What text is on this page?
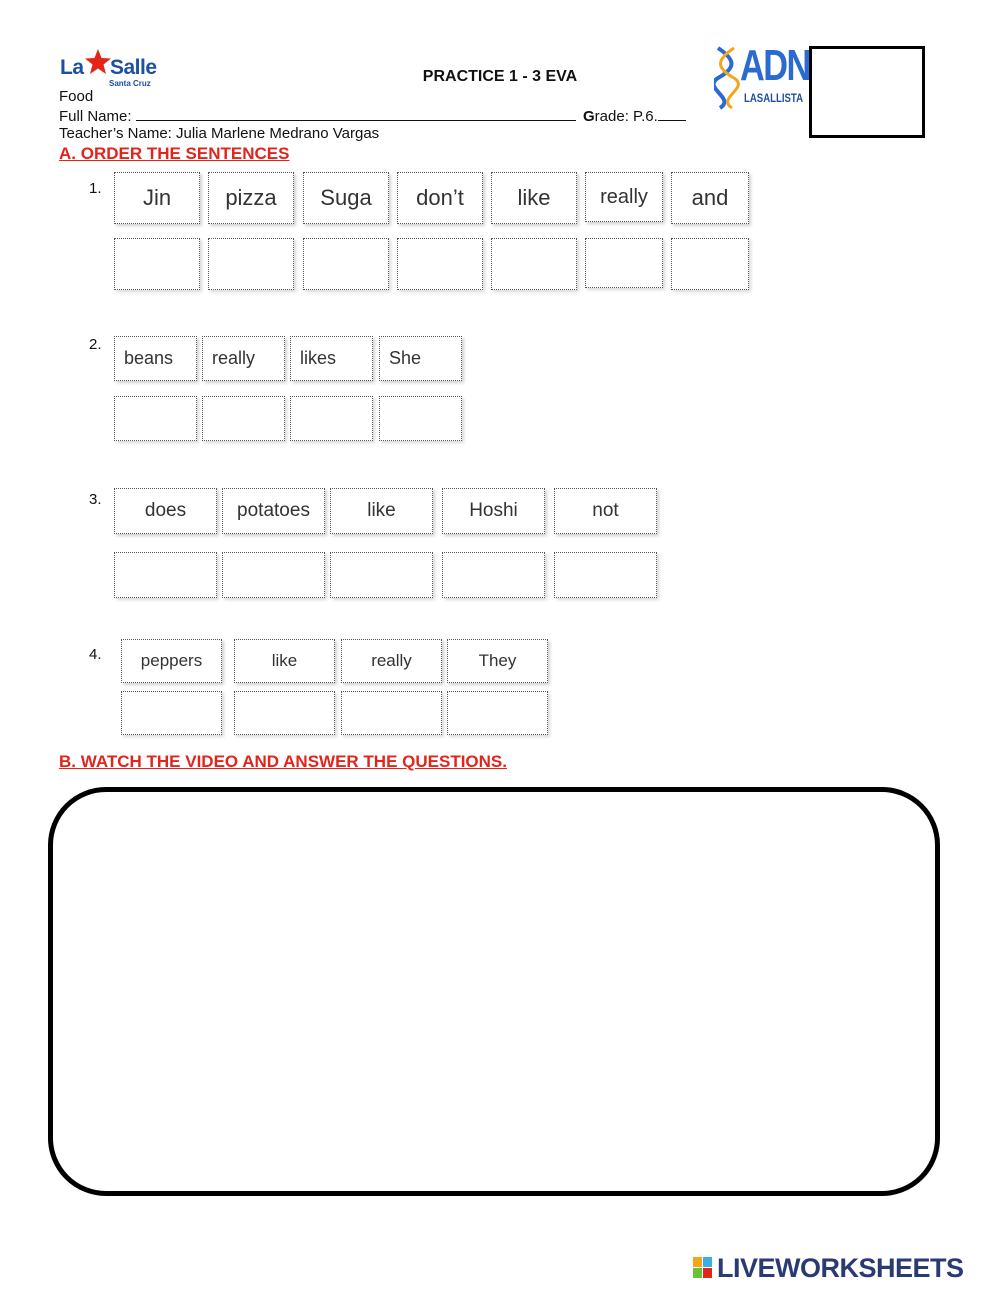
La Salle
Santa Cruz	PRACTICE 1 - 3 EVA	ADN
LASALLISTA
Food
Full Name:	Grade: P.6.
Teacher’s Name: Julia Marlene Medrano Vargas
A. ORDER THE SENTENCES
1.	Jin	pizza	Suga	don’t	like	really	and
2.
beans	really	likes	She
3.
does	potatoes	like	Hoshi	not
4.	peppers	like	really	They
B. WATCH THE VIDEO AND ANSWER THE QUESTIONS.
LIVEWORKSHEETS
